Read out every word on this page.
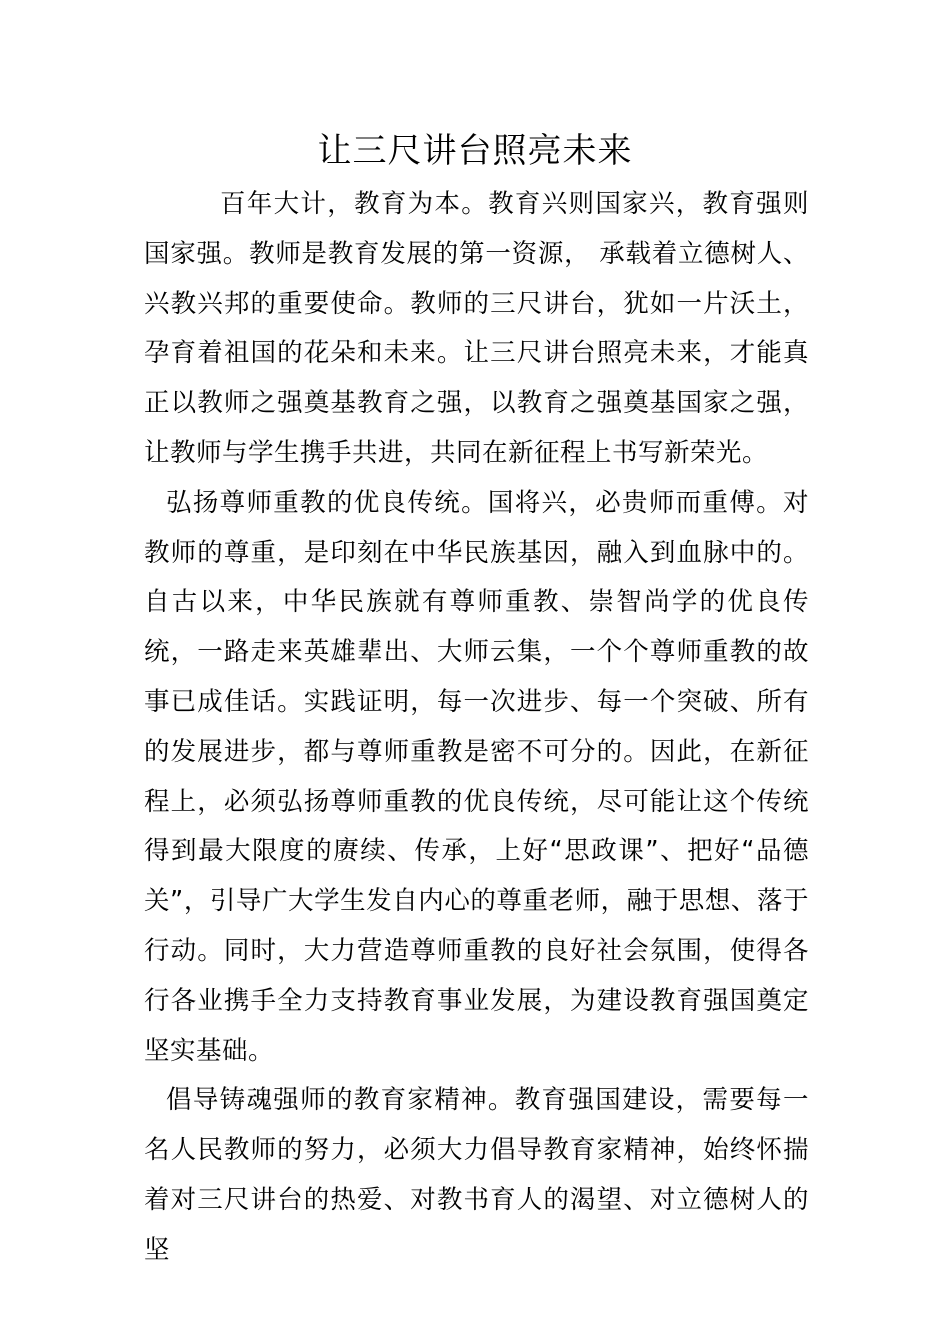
让三尺讲台照亮未来

百年大计，教育为本。教育兴则国家兴，教育强则国家强。教师是教育发展的第一资源， 承载着立德树人、兴教兴邦的重要使命。教师的三尺讲台，犹如一片沃土，孕育着祖国的花朵和未来。让三尺讲台照亮未来，才能真正以教师之强奠基教育之强，以教育之强奠基国家之强，让教师与学生携手共进，共同在新征程上书写新荣光。

弘扬尊师重教的优良传统。国将兴，必贵师而重傅。对教师的尊重，是印刻在中华民族基因，融入到血脉中的。自古以来，中华民族就有尊师重教、崇智尚学的优良传统，一路走来英雄辈出、大师云集，一个个尊师重教的故事已成佳话。实践证明，每一次进步、每一个突破、所有的发展进步，都与尊师重教是密不可分的。因此，在新征程上，必须弘扬尊师重教的优良传统，尽可能让这个传统得到最大限度的赓续、传承，上好“思政课”、把好“品德关”，引导广大学生发自内心的尊重老师，融于思想、落于行动。同时，大力营造尊师重教的良好社会氛围，使得各行各业携手全力支持教育事业发展，为建设教育强国奠定坚实基础。

倡导铸魂强师的教育家精神。教育强国建设，需要每一名人民教师的努力，必须大力倡导教育家精神，始终怀揣着对三尺讲台的热爱、对教书育人的渴望、对立德树人的坚
